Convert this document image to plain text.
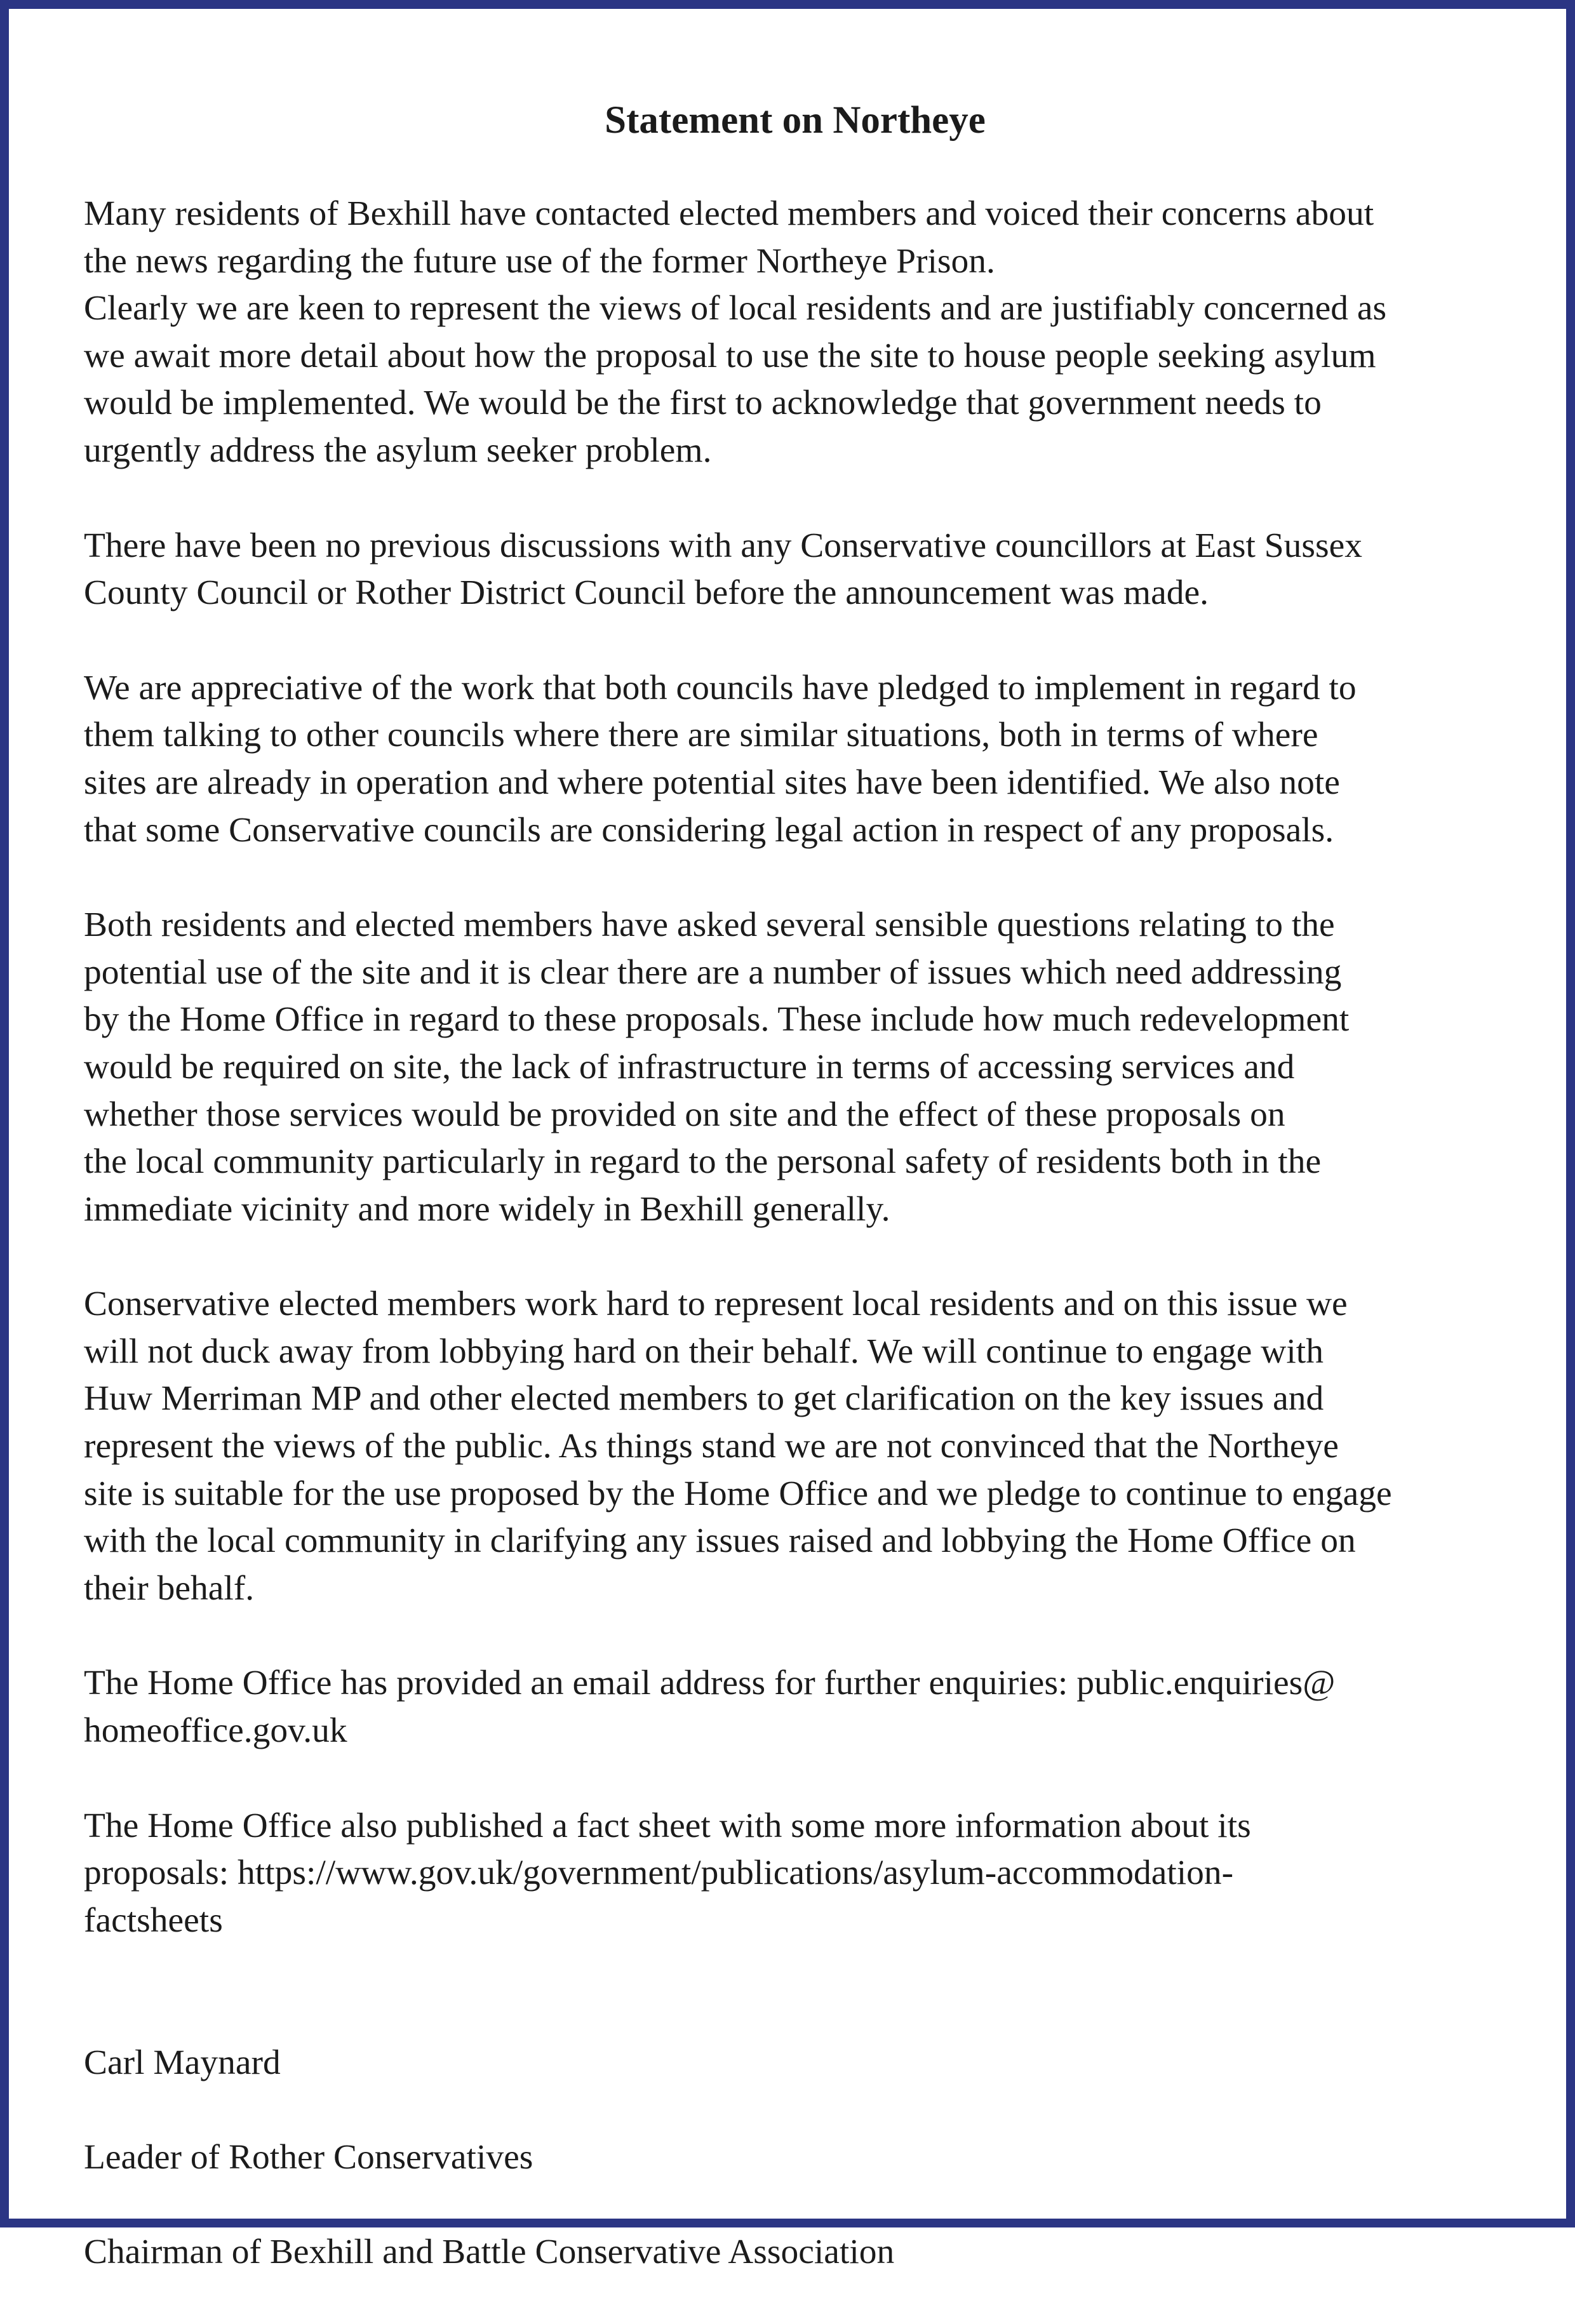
Statement on Northeye
Many residents of Bexhill have contacted elected members and voiced their concerns about
the news regarding the future use of the former Northeye Prison.
Clearly we are keen to represent the views of local residents and are justifiably concerned as
we await more detail about how the proposal to use the site to house people seeking asylum
would be implemented. We would be the first to acknowledge that government needs to
urgently address the asylum seeker problem.
There have been no previous discussions with any Conservative councillors at East Sussex
County Council or Rother District Council before the announcement was made.
We are appreciative of the work that both councils have pledged to implement in regard to
them talking to other councils where there are similar situations, both in terms of where
sites are already in operation and where potential sites have been identified. We also note
that some Conservative councils are considering legal action in respect of any proposals.
Both residents and elected members have asked several sensible questions relating to the
potential use of the site and it is clear there are a number of issues which need addressing
by the Home Office in regard to these proposals. These include how much redevelopment
would be required on site, the lack of infrastructure in terms of accessing services and
whether those services would be provided on site and the effect of these proposals on
the local community particularly in regard to the personal safety of residents both in the
immediate vicinity and more widely in Bexhill generally.
Conservative elected members work hard to represent local residents and on this issue we
will not duck away from lobbying hard on their behalf. We will continue to engage with
Huw Merriman MP and other elected members to get clarification on the key issues and
represent the views of the public. As things stand we are not convinced that the Northeye
site is suitable for the use proposed by the Home Office and we pledge to continue to engage
with the local community in clarifying any issues raised and lobbying the Home Office on
their behalf.
The Home Office has provided an email address for further enquiries: public.enquiries@
homeoffice.gov.uk
The Home Office also published a fact sheet with some more information about its
proposals: https://www.gov.uk/government/publications/asylum-accommodation-
factsheets

Carl Maynard

Leader of Rother Conservatives

Chairman of Bexhill and Battle Conservative Association
